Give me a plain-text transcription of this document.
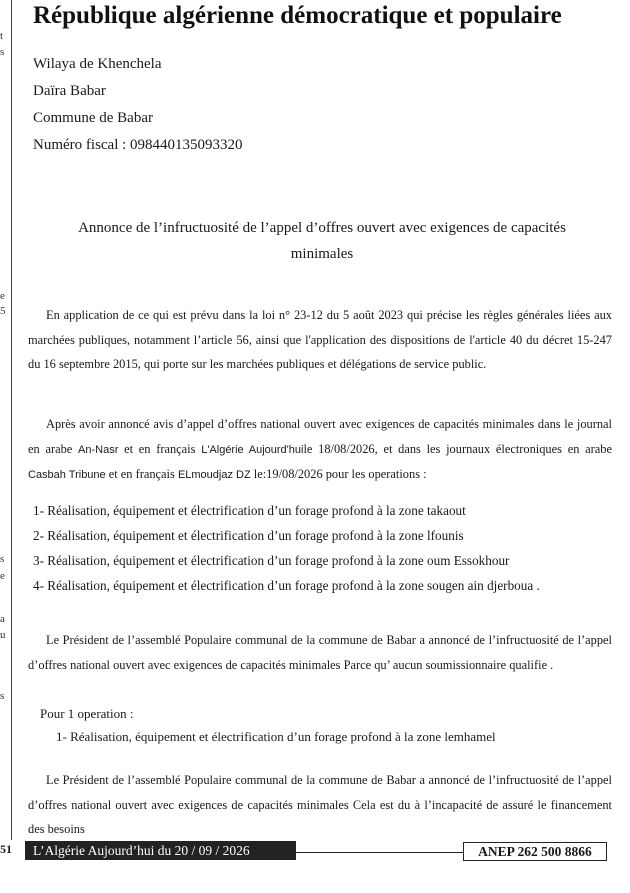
t
s
e
5
s
e
a
u
s
République algérienne démocratique et populaire
Wilaya de Khenchela
Daïra Babar
Commune de Babar
Numéro fiscal : 098440135093320
Annonce de l’infructuosité de l’appel d’offres ouvert avec exigences de capacités
minimales
En application de ce qui est prévu dans la loi n° 23-12 du 5 août 2023 qui précise les règles générales liées aux marchées publiques, notamment l’article 56, ainsi que l'application des dispositions de l'article 40 du décret 15-247 du 16 septembre 2015, qui porte sur les marchées publiques et délégations de service public.
Après avoir annoncé avis d’appel d’offres national ouvert avec exigences de capacités minimales dans le journal en arabe An-Nasr et en français L'Algérie Aujourd'huile 18/08/2026, et dans les journaux électroniques en arabe Casbah Tribune et en français ELmoudjaz DZ le:19/08/2026 pour les operations :
1- Réalisation, équipement et électrification d’un forage profond à la zone takaout
2- Réalisation, équipement et électrification d’un forage profond à la zone lfounis
3- Réalisation, équipement et électrification d’un forage profond à la zone oum Essokhour
4- Réalisation, équipement et électrification d’un forage profond à la zone sougen ain djerboua .
Le Président de l’assemblé Populaire communal de la commune de Babar a annoncé de l’infructuosité de l’appel d’offres national ouvert avec exigences de capacités minimales Parce qu’ aucun soumissionnaire qualifie .
Pour 1 operation :
1- Réalisation, équipement et électrification d’un forage profond à la zone lemhamel
Le Président de l’assemblé Populaire communal de la commune de Babar a annoncé de l’infructuosité de l’appel d’offres national ouvert avec exigences de capacités minimales Cela est du à l’incapacité de assuré le financement des besoins
51	L’Algérie Aujourd’hui du 20 / 09 / 2026	ANEP 262 500 8866
